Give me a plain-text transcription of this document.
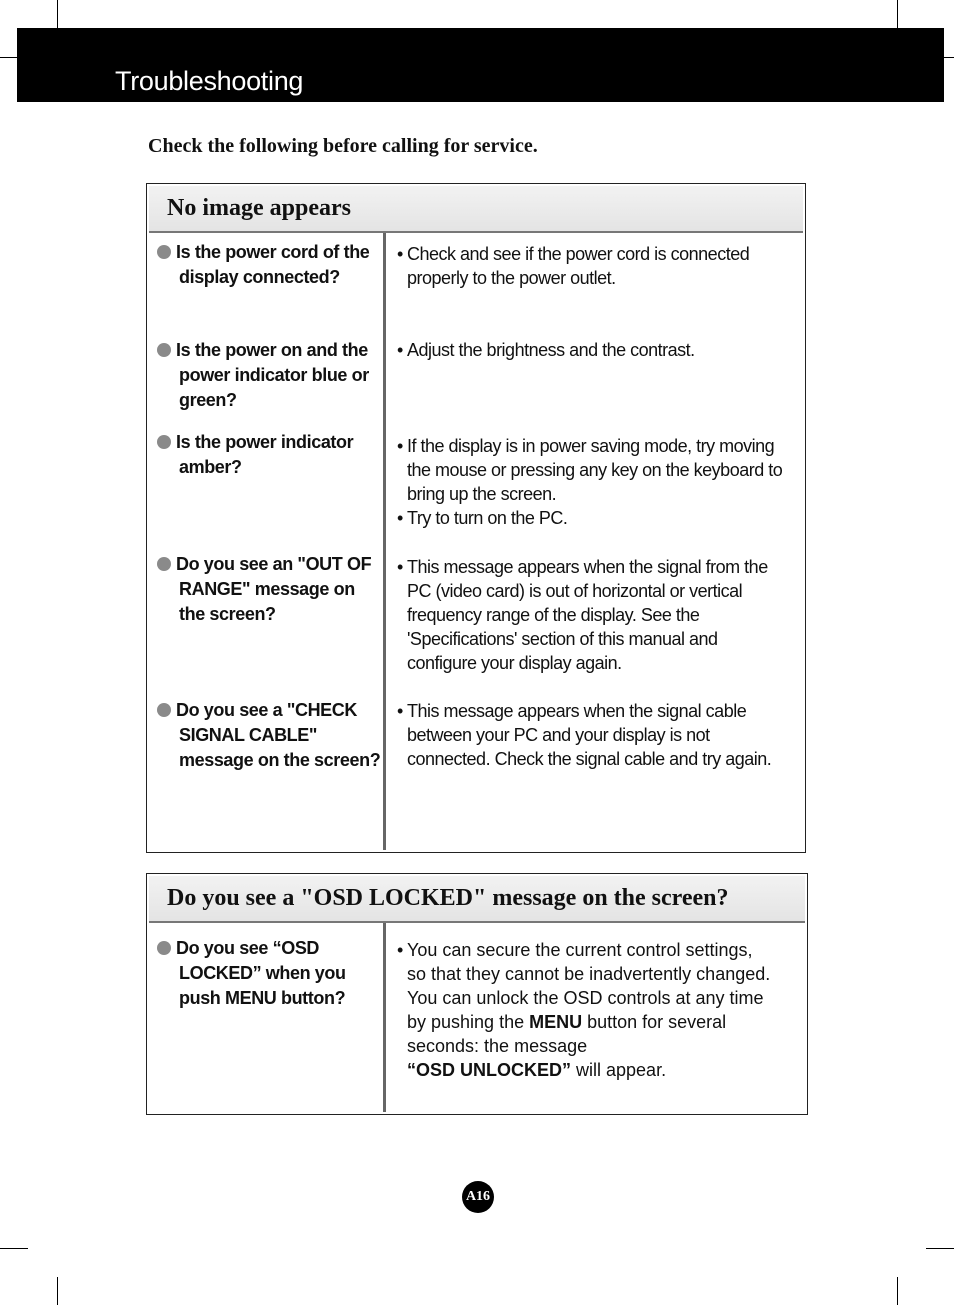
Troubleshooting
Check the following before calling for service.
No image appears
Is the power cord of the
display connected?
• Check and see if the power cord is connected
properly to the power outlet.
Is the power on and the
power indicator blue or green?
• Adjust the brightness and the contrast.
Is the power indicator
amber?
• If the display is in power saving mode, try moving
the mouse or pressing any key on the keyboard to
bring up the screen.
• Try to turn on the PC.
Do you see an "OUT OF
RANGE" message on the screen?
• This message appears when the signal from the
PC (video card) is out of horizontal or vertical
frequency range of the display. See the
'Specifications' section of this manual and
configure your display again.
Do you see a "CHECK
SIGNAL CABLE" message on the screen?
• This message appears when the signal cable
between your PC and your display is not
connected. Check the signal cable and try again.
Do you see a "OSD LOCKED" message on the screen?
Do you see “OSD
LOCKED” when you push MENU button?
• You can secure the current control settings,
so that they cannot be inadvertently changed.
You can unlock the OSD controls at any time
by pushing the MENU button for several
seconds: the message
“OSD UNLOCKED” will appear.
A16
